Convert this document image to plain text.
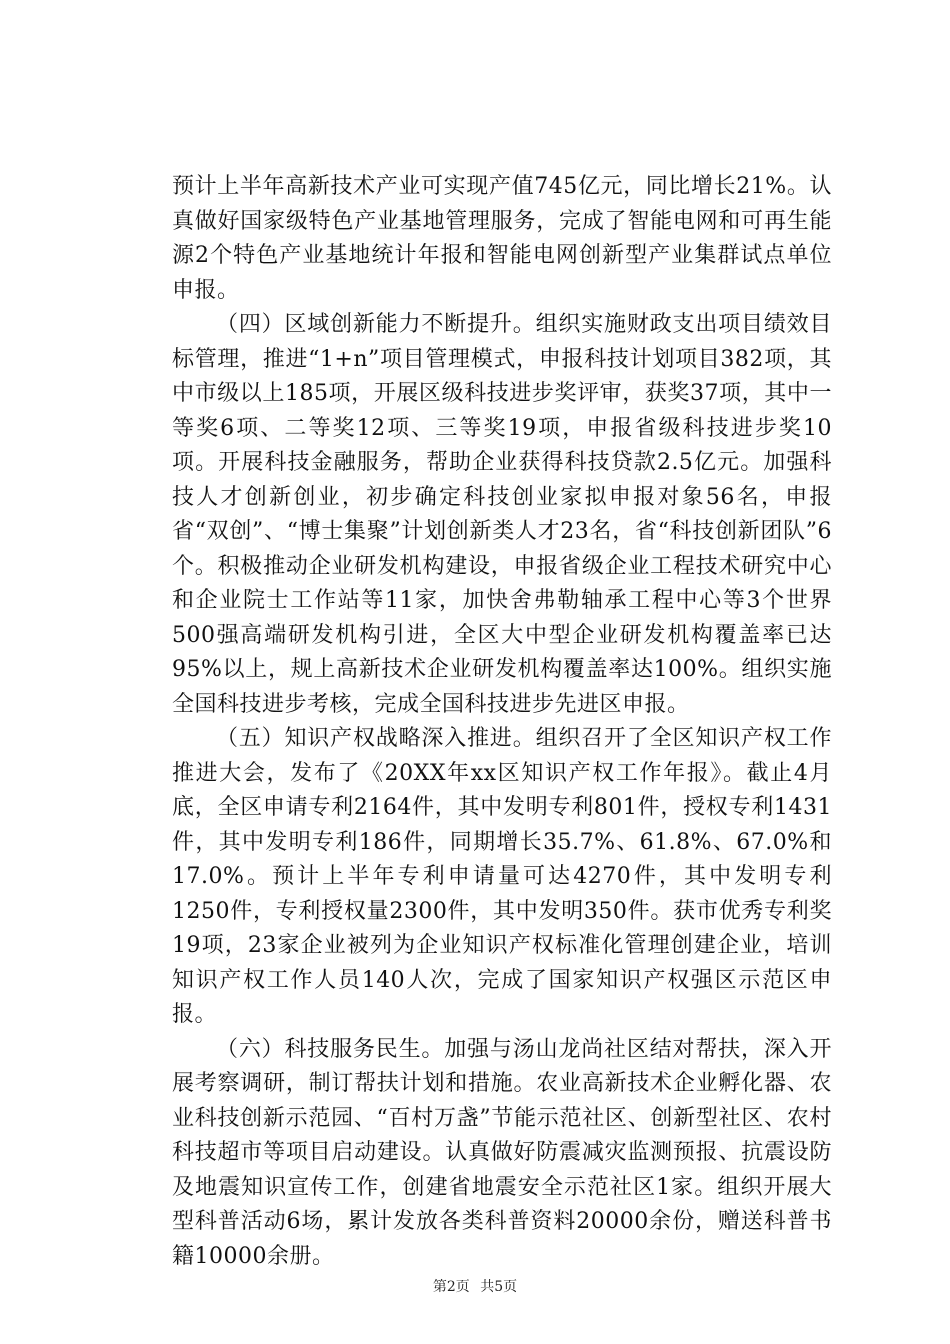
预计上半年高新技术产业可实现产值745亿元，同比增长21%。认真做好国家级特色产业基地管理服务，完成了智能电网和可再生能源2个特色产业基地统计年报和智能电网创新型产业集群试点单位申报。

（四）区域创新能力不断提升。组织实施财政支出项目绩效目标管理，推进“1+n”项目管理模式，申报科技计划项目382项，其中市级以上185项，开展区级科技进步奖评审，获奖37项，其中一等奖6项、二等奖12项、三等奖19项，申报省级科技进步奖10项。开展科技金融服务，帮助企业获得科技贷款2.5亿元。加强科技人才创新创业，初步确定科技创业家拟申报对象56名，申报省“双创”、“博士集聚”计划创新类人才23名，省“科技创新团队”6个。积极推动企业研发机构建设，申报省级企业工程技术研究中心和企业院士工作站等11家，加快舍弗勒轴承工程中心等3个世界500强高端研发机构引进，全区大中型企业研发机构覆盖率已达95%以上，规上高新技术企业研发机构覆盖率达100%。组织实施全国科技进步考核，完成全国科技进步先进区申报。

（五）知识产权战略深入推进。组织召开了全区知识产权工作推进大会，发布了《20XX年xx区知识产权工作年报》。截止4月底，全区申请专利2164件，其中发明专利801件，授权专利1431件，其中发明专利186件，同期增长35.7%、61.8%、67.0%和17.0%。预计上半年专利申请量可达4270件，其中发明专利1250件，专利授权量2300件，其中发明350件。获市优秀专利奖19项，23家企业被列为企业知识产权标准化管理创建企业，培训知识产权工作人员140人次，完成了国家知识产权强区示范区申报。

（六）科技服务民生。加强与汤山龙尚社区结对帮扶，深入开展考察调研，制订帮扶计划和措施。农业高新技术企业孵化器、农业科技创新示范园、“百村万盏”节能示范社区、创新型社区、农村科技超市等项目启动建设。认真做好防震减灾监测预报、抗震设防及地震知识宣传工作，创建省地震安全示范社区1家。组织开展大型科普活动6场，累计发放各类科普资料20000余份，赠送科普书籍10000余册。

第2页 共5页
